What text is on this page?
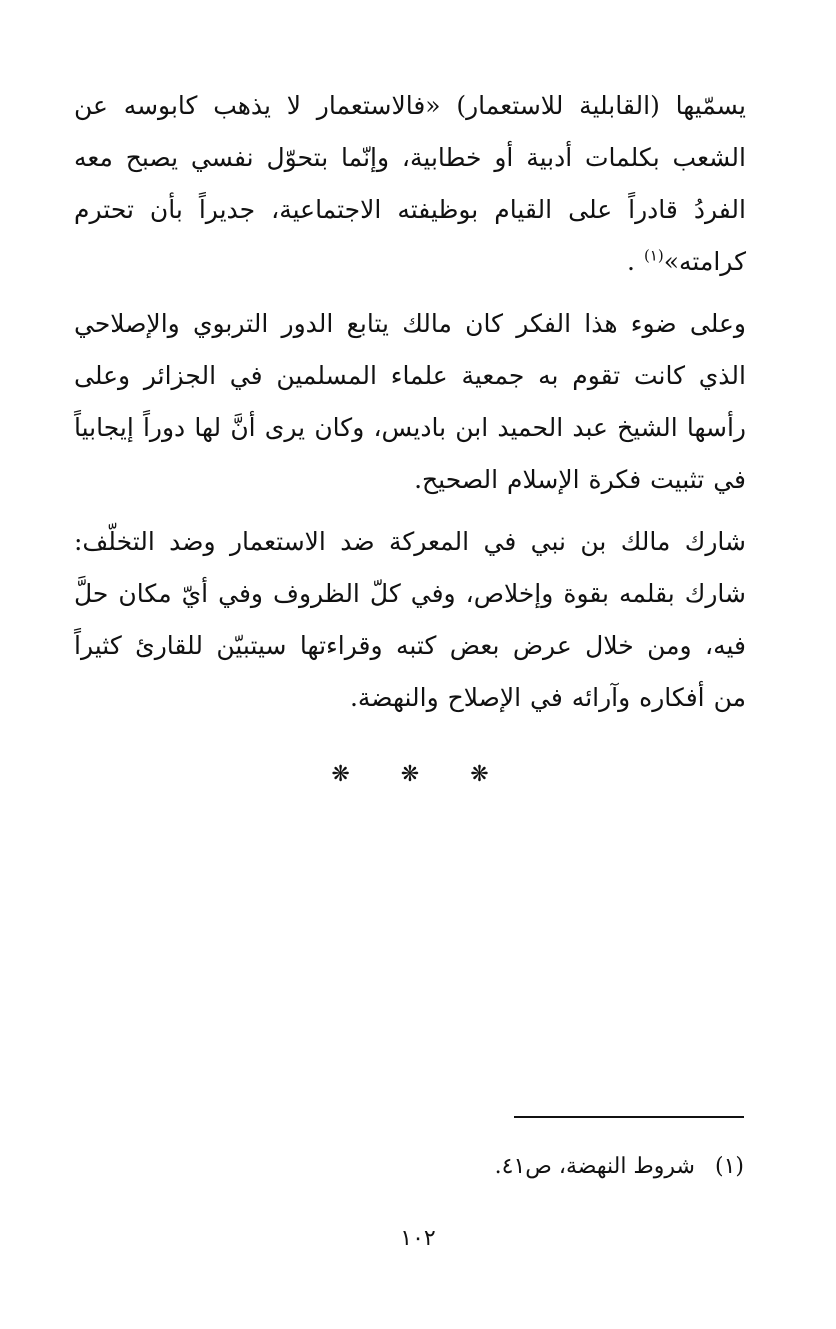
يسمّيها (القابلية للاستعمار) «فالاستعمار لا يذهب كابوسه عن الشعب بكلمات أدبية أو خطابية، وإنّما بتحوّل نفسي يصبح معه الفردُ قادراً على القيام بوظيفته الاجتماعية، جديراً بأن تحترم كرامته»$^{(١)}$ .

وعلى ضوء هذا الفكر كان مالك يتابع الدور التربوي والإصلاحي الذي كانت تقوم به جمعية علماء المسلمين في الجزائر وعلى رأسها الشيخ عبد الحميد ابن باديس، وكان يرى أنَّ لها دوراً إيجابياً في تثبيت فكرة الإسلام الصحيح.

شارك مالك بن نبي في المعركة ضد الاستعمار وضد التخلّف: شارك بقلمه بقوة وإخلاص، وفي كلّ الظروف وفي أيّ مكان حلَّ فيه، ومن خلال عرض بعض كتبه وقراءتها سيتبيّن للقارئ كثيراً من أفكاره وآرائه في الإصلاح والنهضة.

❋ ❋ ❋
(١)شروط النهضة، ص٤١.
١٠٢
